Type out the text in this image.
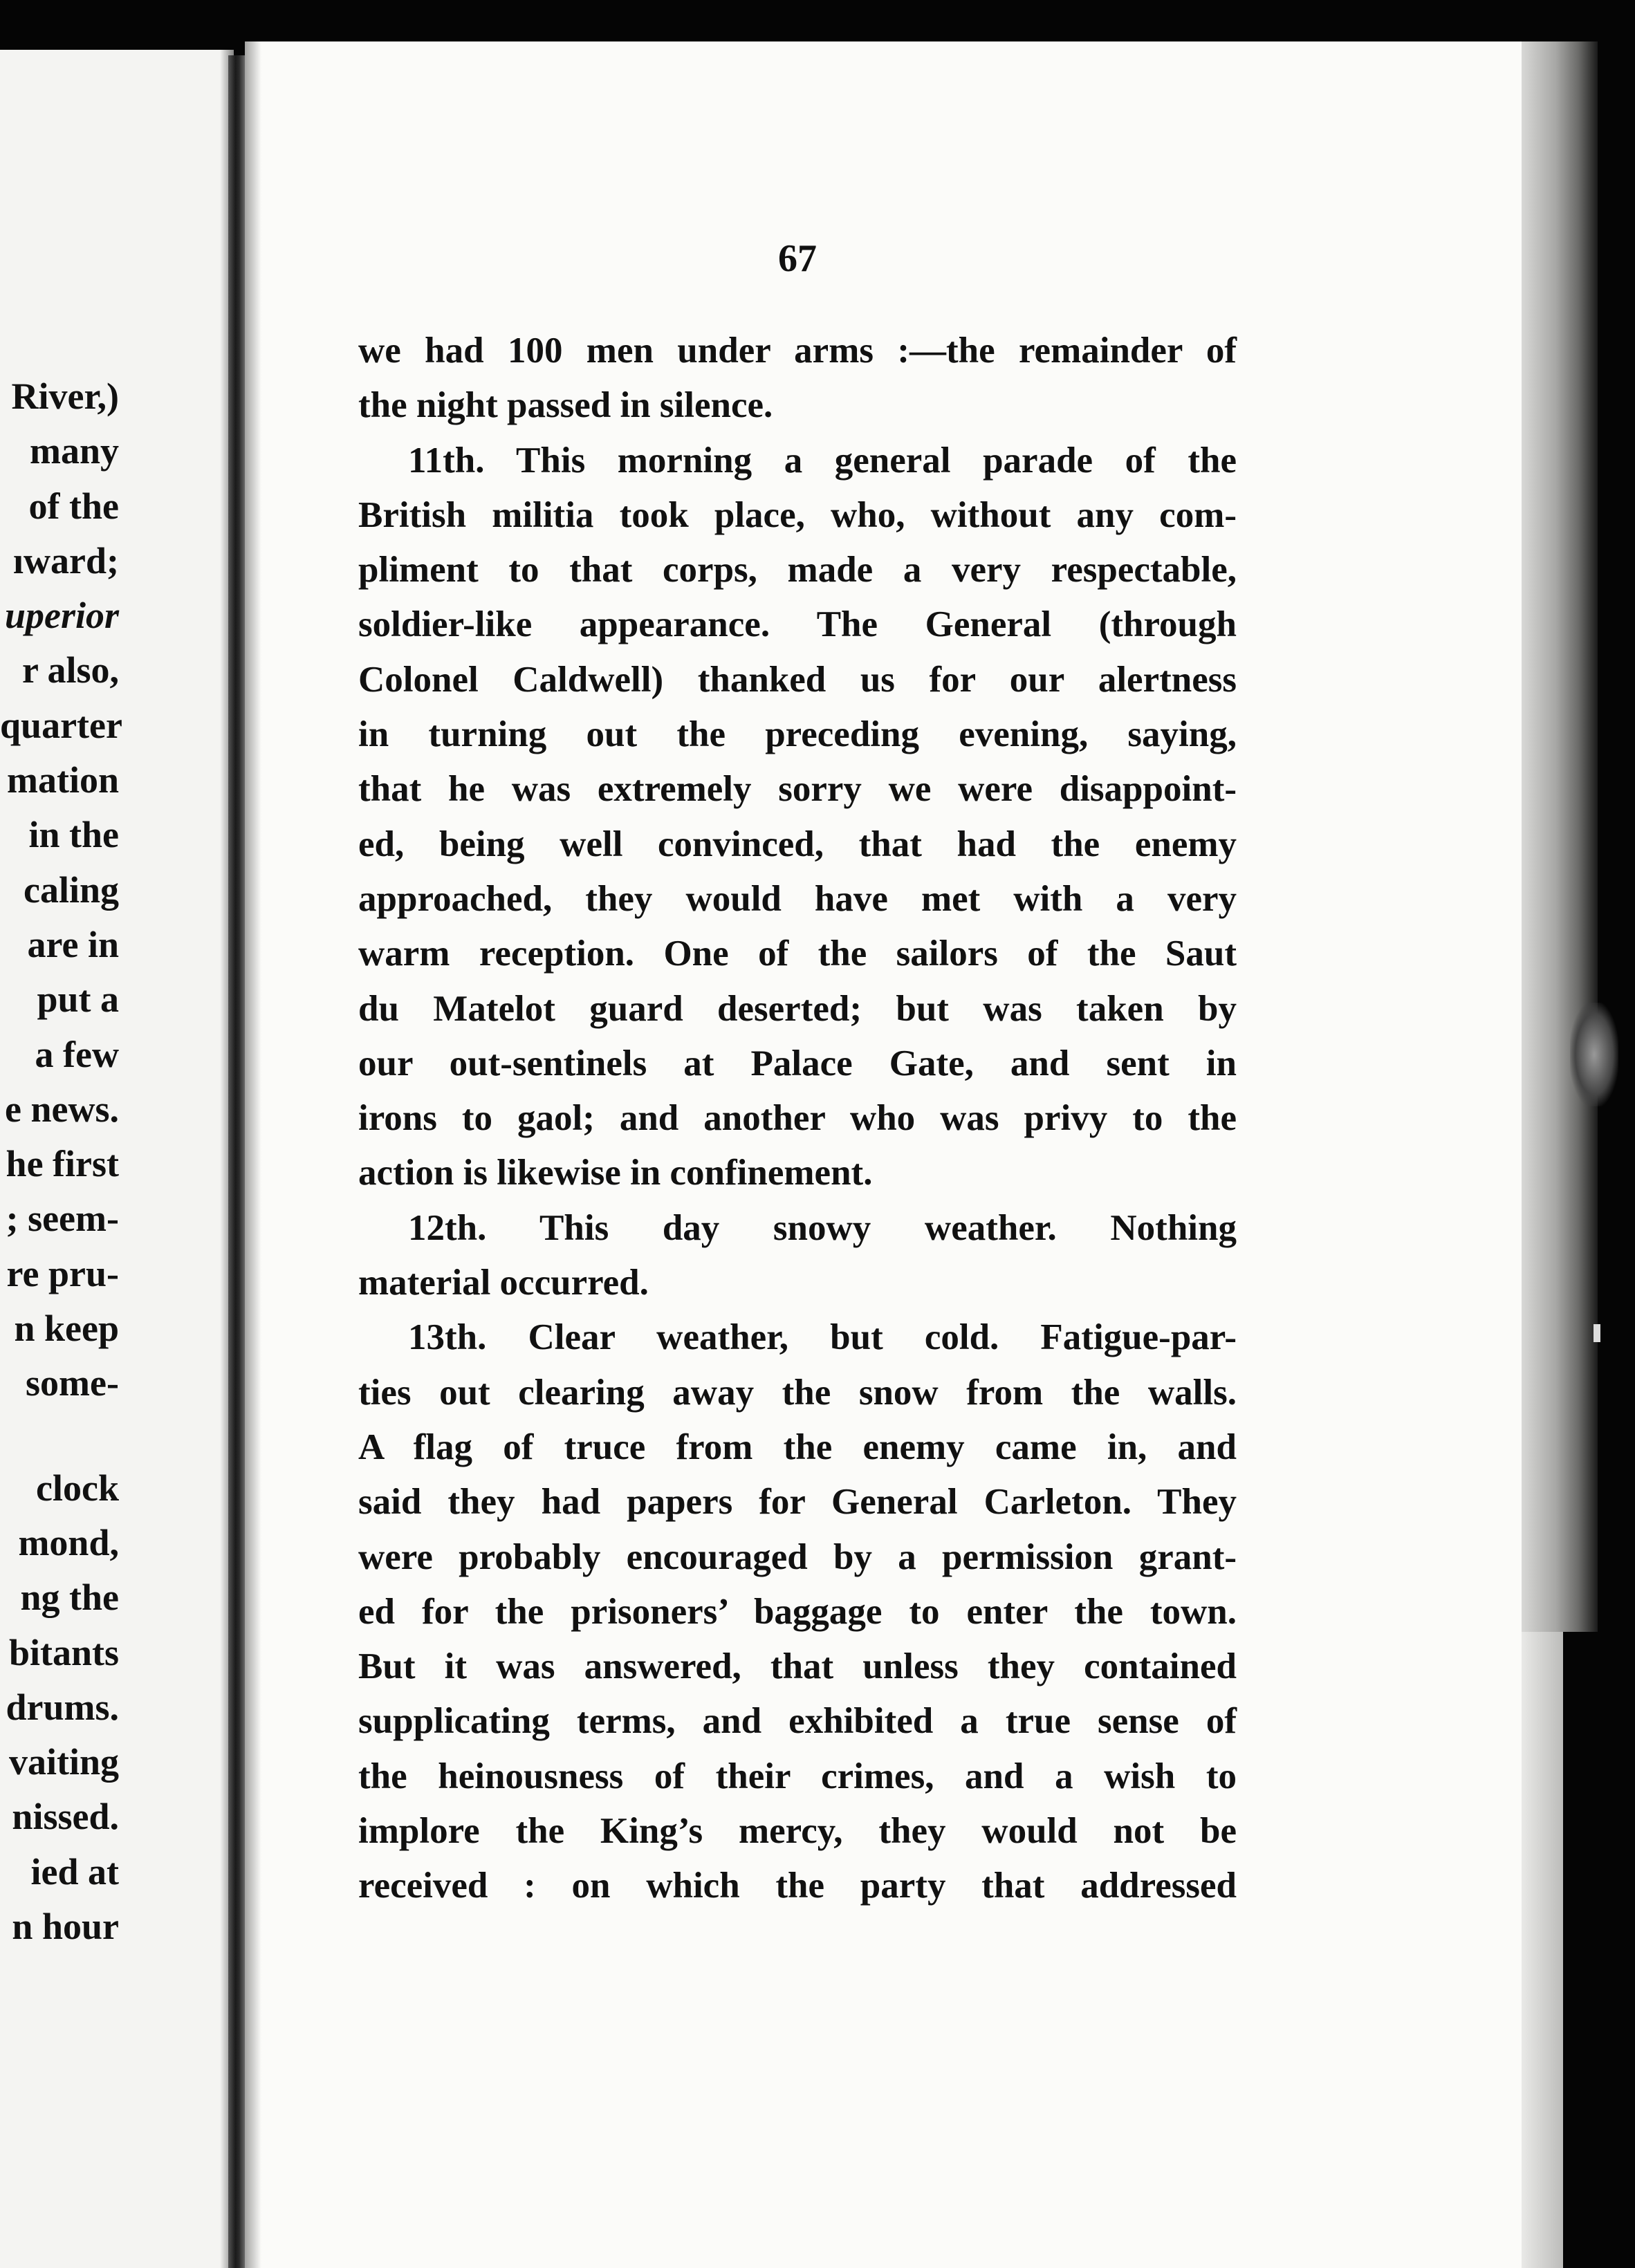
River,)
many
of the
ıward;
uperior
r also,
quarter
mation
in the
caling
are in
put a
a few
e news.
he first
; seem-
re pru-
n keep
some-
clock
mond,
ng the
bitants
drums.
vaiting
nissed.
ied at
n hour
67
we had 100 men under arms :—the remainder of
the night passed in silence.
11th. This morning a general parade of the
British militia took place, who, without any com-
pliment to that corps, made a very respectable,
soldier-like appearance. The General (through
Colonel Caldwell) thanked us for our alertness
in turning out the preceding evening, saying,
that he was extremely sorry we were disappoint-
ed, being well convinced, that had the enemy
approached, they would have met with a very
warm reception. One of the sailors of the Saut
du Matelot guard deserted; but was taken by
our out-sentinels at Palace Gate, and sent in
irons to gaol; and another who was privy to the
action is likewise in confinement.
12th. This day snowy weather. Nothing
material occurred.
13th. Clear weather, but cold. Fatigue-par-
ties out clearing away the snow from the walls.
A flag of truce from the enemy came in, and
said they had papers for General Carleton. They
were probably encouraged by a permission grant-
ed for the prisoners’ baggage to enter the town.
But it was answered, that unless they contained
supplicating terms, and exhibited a true sense of
the heinousness of their crimes, and a wish to
implore the King’s mercy, they would not be
received : on which the party that addressed
